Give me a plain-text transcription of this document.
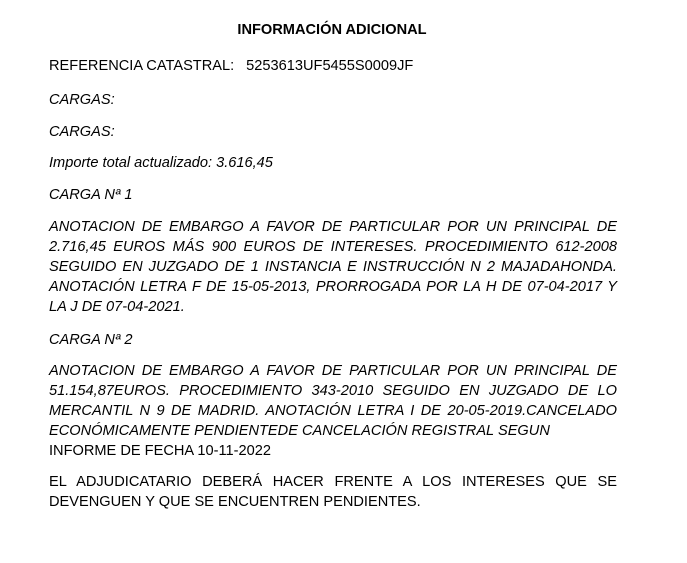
INFORMACIÓN ADICIONAL

REFERENCIA CATASTRAL: 5253613UF5455S0009JF

CARGAS:

CARGAS:

Importe total actualizado: 3.616,45

CARGA Nª 1

ANOTACION DE EMBARGO A FAVOR DE PARTICULAR POR UN PRINCIPAL DE 2.716,45 EUROS MÁS 900 EUROS DE INTERESES. PROCEDIMIENTO 612-2008 SEGUIDO EN JUZGADO DE 1 INSTANCIA E INSTRUCCIÓN N 2 MAJADAHONDA. ANOTACIÓN LETRA F DE 15-05-2013, PRORROGADA POR LA H DE 07-04-2017 Y LA J DE 07-04-2021.

CARGA Nª 2

ANOTACION DE EMBARGO A FAVOR DE PARTICULAR POR UN PRINCIPAL DE 51.154,87EUROS. PROCEDIMIENTO 343-2010 SEGUIDO EN JUZGADO DE LO MERCANTIL N 9 DE MADRID. ANOTACIÓN LETRA I DE 20-05-2019.CANCELADO ECONÓMICAMENTE PENDIENTEDE CANCELACIÓN REGISTRAL SEGUN
INFORME DE FECHA 10-11-2022

EL ADJUDICATARIO DEBERÁ HACER FRENTE A LOS INTERESES QUE SE DEVENGUEN Y QUE SE ENCUENTREN PENDIENTES.
